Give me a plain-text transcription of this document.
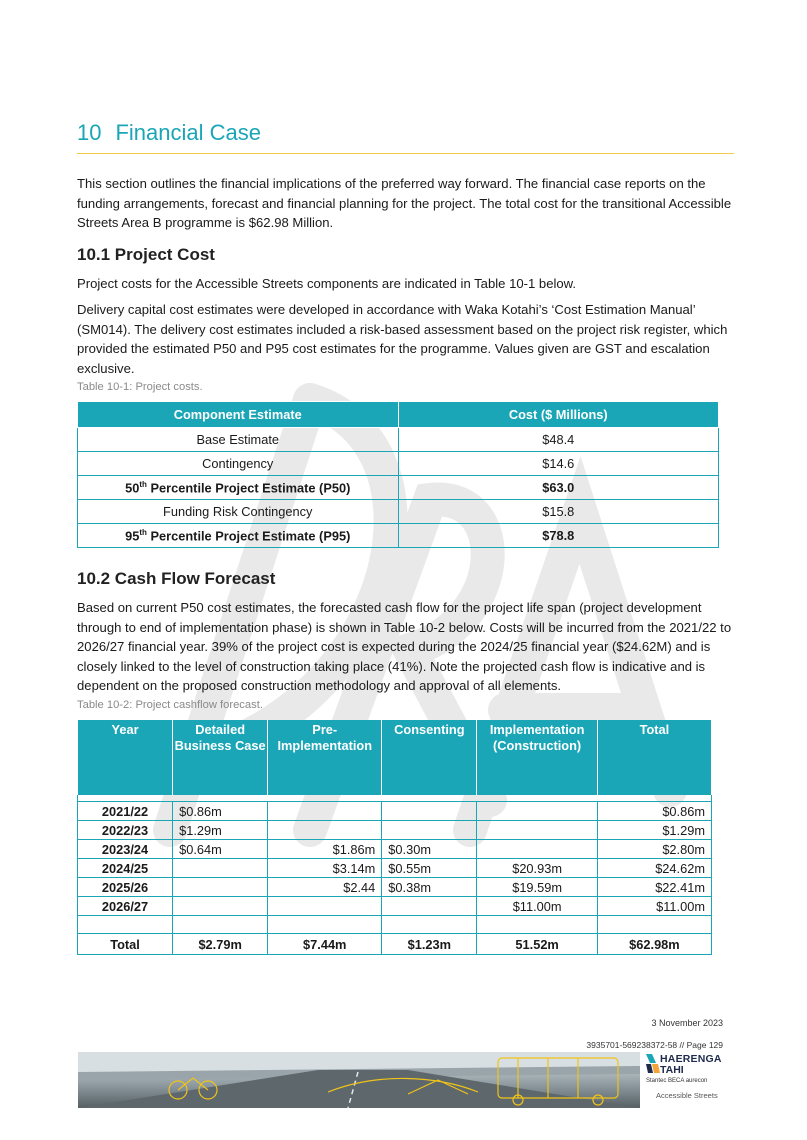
10 Financial Case
This section outlines the financial implications of the preferred way forward. The financial case reports on the funding arrangements, forecast and financial planning for the project. The total cost for the transitional Accessible Streets Area B programme is $62.98 Million.
10.1 Project Cost
Project costs for the Accessible Streets components are indicated in Table 10-1 below.
Delivery capital cost estimates were developed in accordance with Waka Kotahi’s ‘Cost Estimation Manual’ (SM014). The delivery cost estimates included a risk-based assessment based on the project risk register, which provided the estimated P50 and P95 cost estimates for the programme. Values given are GST and escalation exclusive.
Table 10-1: Project costs.
Component Estimate	Cost ($ Millions)
Base Estimate	$48.4
Contingency	$14.6
50th Percentile Project Estimate (P50)	$63.0
Funding Risk Contingency	$15.8
95th Percentile Project Estimate (P95)	$78.8
10.2 Cash Flow Forecast
Based on current P50 cost estimates, the forecasted cash flow for the project life span (project development through to end of implementation phase) is shown in Table 10-2 below. Costs will be incurred from the 2021/22 to 2026/27 financial year. 39% of the project cost is expected during the 2024/25 financial year ($24.62M) and is closely linked to the level of construction taking place (41%). Note the projected cash flow is indicative and is dependent on the proposed construction methodology and approval of all elements.
Table 10-2: Project cashflow forecast.
Year	Detailed Business Case	Pre-Implementation	Consenting	Implementation (Construction)	Total

2021/22	$0.86m				$0.86m
2022/23	$1.29m				$1.29m
2023/24	$0.64m	$1.86m	$0.30m		$2.80m
2024/25		$3.14m	$0.55m	$20.93m	$24.62m
2025/26		$2.44	$0.38m	$19.59m	$22.41m
2026/27				$11.00m	$11.00m

Total	$2.79m	$7.44m	$1.23m	51.52m	$62.98m
3 November 2023
3935701-569238372-58 // Page 129
HAERENGA
TAHI
Stantec BECA aurecon
Accessible Streets
